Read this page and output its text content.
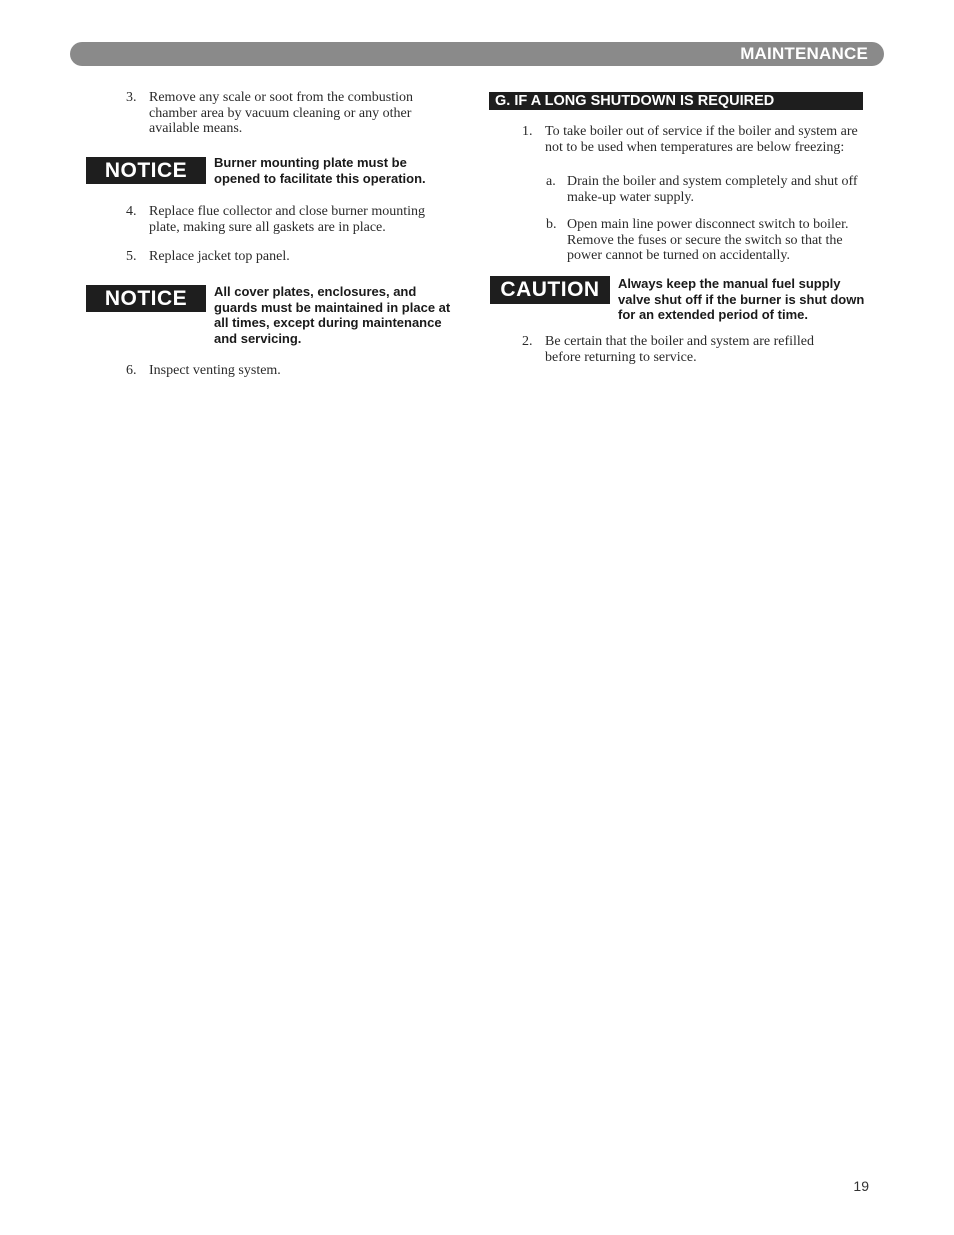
MAINTENANCE
3. Remove any scale or soot from the combustion chamber area by vacuum cleaning or any other available means.
NOTICE	Burner mounting plate must be opened to facilitate this operation.
4. Replace flue collector and close burner mounting plate, making sure all gaskets are in place.
5. Replace jacket top panel.
NOTICE	All cover plates, enclosures, and guards must be maintained in place at all times, except during maintenance and servicing.
6. Inspect venting system.
G. IF A LONG SHUTDOWN IS REQUIRED
1. To take boiler out of service if the boiler and system are not to be used when temperatures are below freezing:
a. Drain the boiler and system completely and shut off make-up water supply.
b. Open main line power disconnect switch to boiler. Remove the fuses or secure the switch so that the power cannot be turned on accidentally.
CAUTION	Always keep the manual fuel supply valve shut off if the burner is shut down for an extended period of time.
2. Be certain that the boiler and system are refilled before returning to service.
19
